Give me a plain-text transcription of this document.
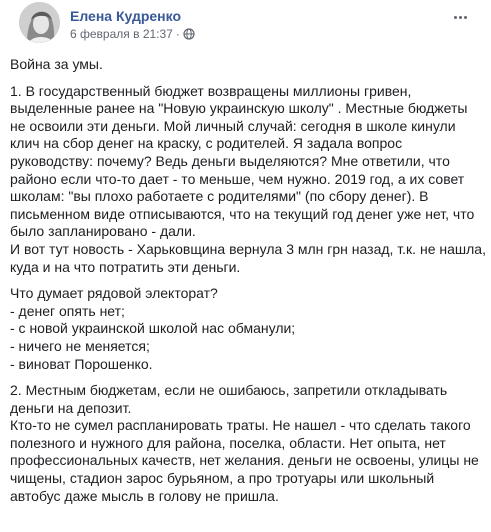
Елена Кудренко
6 февраля в 21:37 ·

Война за умы.

1. В государственный бюджет возвращены миллионы гривен,
выделенные ранее на "Новую украинскую школу" . Местные бюджеты
не освоили эти деньги. Мой личный случай: сегодня в школе кинули
клич на сбор денег на краску, с родителей. Я задала вопрос
руководству: почему? Ведь деньги выделяются? Мне ответили, что
районо если что-то дает - то меньше, чем нужно. 2019 год, а их совет
школам: "вы плохо работаете с родителями" (по сбору денег). В
письменном виде отписываются, что на текущий год денег уже нет, что
было запланировано - дали.
И вот тут новость - Харьковщина вернула 3 млн грн назад, т.к. не нашла,
куда и на что потратить эти деньги.

Что думает рядовой электорат?
- денег опять нет;
- с новой украинской школой нас обманули;
- ничего не меняется;
- виноват Порошенко.

2. Местным бюджетам, если не ошибаюсь, запретили откладывать
деньги на депозит.
Кто-то не сумел распланировать траты. Не нашел - что сделать такого
полезного и нужного для района, поселка, области. Нет опыта, нет
профессиональных качеств, нет желания. деньги не освоены, улицы не
чищены, стадион зарос бурьяном, а про тротуары или школьный
автобус даже мысль в голову не пришла.
